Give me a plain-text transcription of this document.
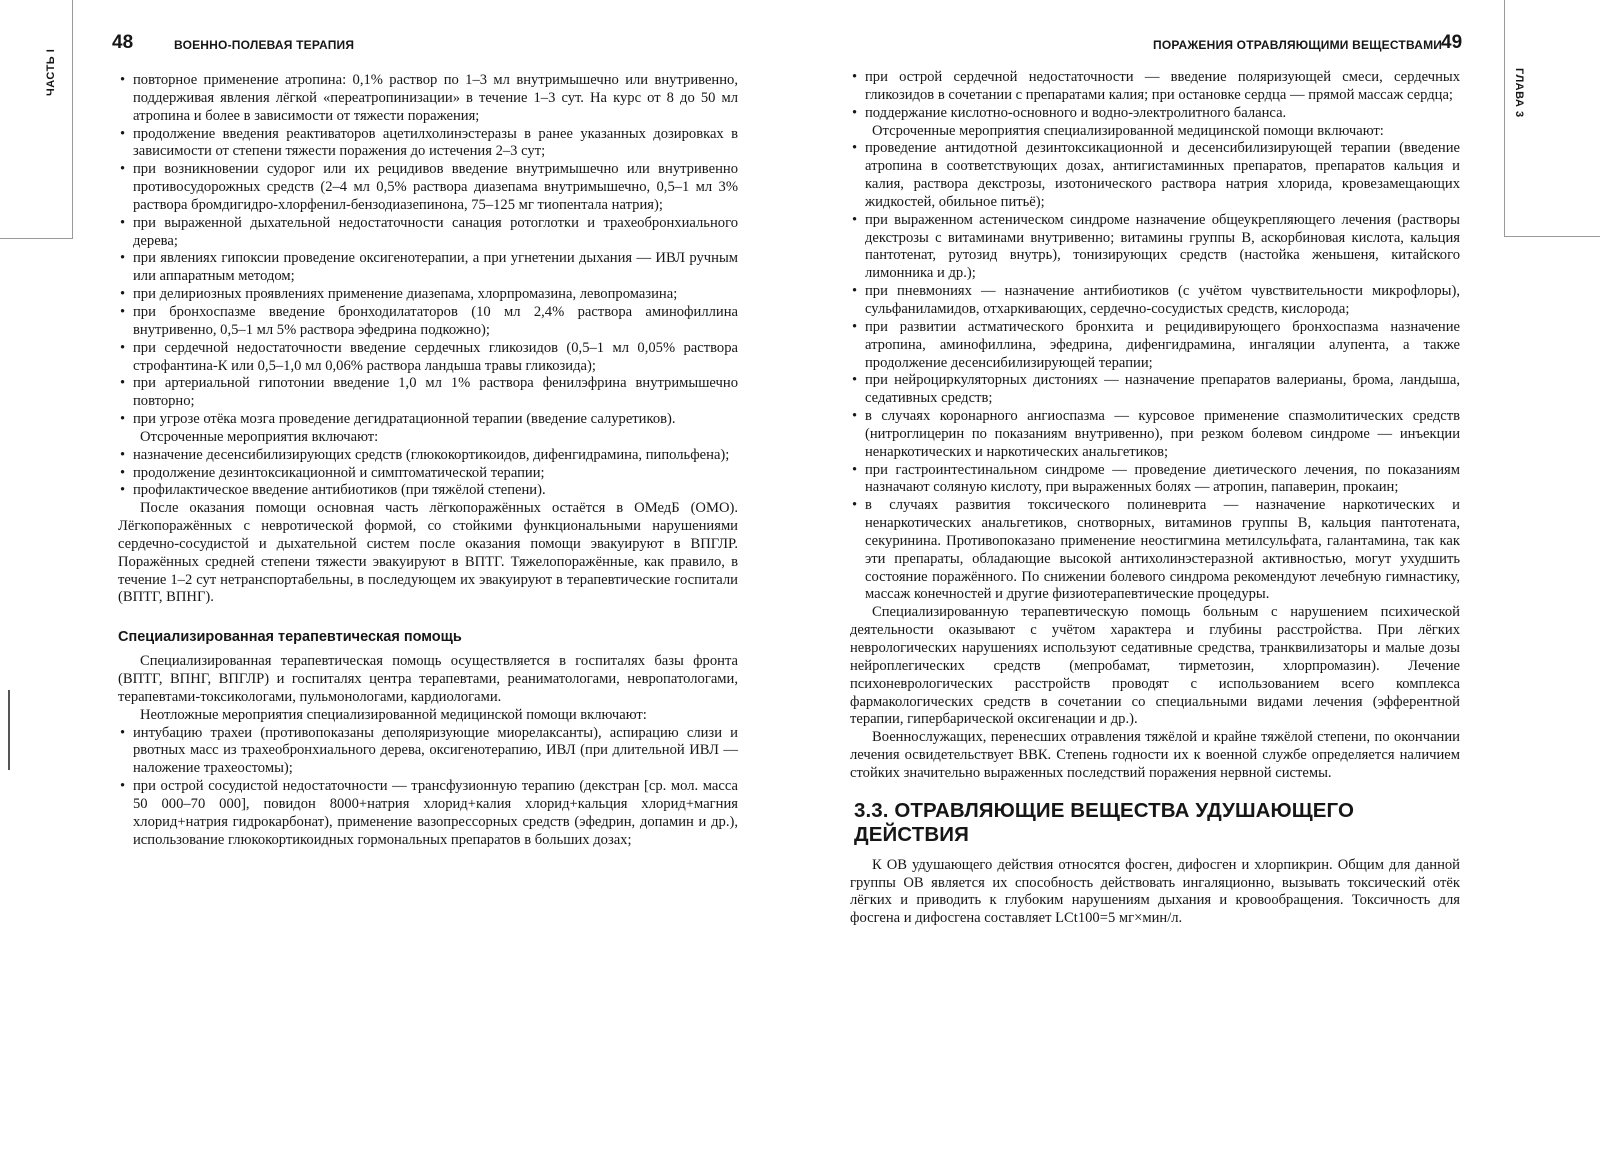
48	ВОЕННО-ПОЛЕВАЯ ТЕРАПИЯ
ЧАСТЬ I
•	повторное применение атропина: 0,1% раствор по 1–3 мл внутримышечно или внутривенно, поддерживая явления лёгкой «переатропинизации» в течение 1–3 сут. На курс от 8 до 50 мл атропина и более в зависимости от тяжести поражения;
• продолжение введения реактиваторов ацетилхолинэстеразы в ранее указанных дозировках в зависимости от степени тяжести поражения до истечения 2–3 сут;
• при возникновении судорог или их рецидивов введение внутримышечно или внутривенно противосудорожных средств (2–4 мл 0,5% раствора диазепама внутримышечно, 0,5–1 мл 3% раствора бромдигидро-хлорфенил-бензодиазепинона, 75–125 мг тиопентала натрия);
• при выраженной дыхательной недостаточности санация ротоглотки и трахеобронхиального дерева;
• при явлениях гипоксии проведение оксигенотерапии, а при угнетении дыхания — ИВЛ ручным или аппаратным методом;
• при делириозных проявлениях применение диазепама, хлорпромазина, левопромазина;
• при бронхоспазме введение бронходилататоров (10 мл 2,4% раствора аминофиллина внутривенно, 0,5–1 мл 5% раствора эфедрина подкожно);
• при сердечной недостаточности введение сердечных гликозидов (0,5–1 мл 0,05% раствора строфантина-К или 0,5–1,0 мл 0,06% раствора ландыша травы гликозида);
• при артериальной гипотонии введение 1,0 мл 1% раствора фенилэфрина внутримышечно повторно;
• при угрозе отёка мозга проведение дегидратационной терапии (введение салуретиков).

Отсроченные мероприятия включают:

• назначение десенсибилизирующих средств (глюкокортикоидов, дифенгидрамина, пипольфена);
• продолжение дезинтоксикационной и симптоматической терапии;
• профилактическое введение антибиотиков (при тяжёлой степени).

После оказания помощи основная часть лёгкопоражённых остаётся в ОМедБ (ОМО). Лёгкопоражённых с невротической формой, со стойкими функциональными нарушениями сердечно-сосудистой и дыхательной систем после оказания помощи эвакуируют в ВПГЛР. Поражённых средней степени тяжести эвакуируют в ВПТГ. Тяжелопоражённые, как правило, в течение 1–2 сут нетранспортабельны, в последующем их эвакуируют в терапевтические госпитали (ВПТГ, ВПНГ).

Специализированная терапевтическая помощь

Специализированная терапевтическая помощь осуществляется в госпиталях базы фронта (ВПТГ, ВПНГ, ВПГЛР) и госпиталях центра терапевтами, реаниматологами, невропатологами, терапевтами-токсикологами, пульмонологами, кардиологами.

Неотложные мероприятия специализированной медицинской помощи включают:

• интубацию трахеи (противопоказаны деполяризующие миорелаксанты), аспирацию слизи и рвотных масс из трахеобронхиального дерева, оксигенотерапию, ИВЛ (при длительной ИВЛ — наложение трахеостомы);
• при острой сосудистой недостаточности — трансфузионную терапию (декстран [ср. мол. масса 50 000–70 000], повидон 8000+натрия хлорид+калия хлорид+кальция хлорид+магния хлорид+натрия гидрокарбонат), применение вазопрессорных средств (эфедрин, допамин и др.), использование глюкокортикоидных гормональных препаратов в больших дозах;
ПОРАЖЕНИЯ ОТРАВЛЯЮЩИМИ ВЕЩЕСТВАМИ
49
ГЛАВА 3
• при острой сердечной недостаточности — введение поляризующей смеси, сердечных гликозидов в сочетании с препаратами калия; при остановке сердца — прямой массаж сердца;
• поддержание кислотно-основного и водно-электролитного баланса.

Отсроченные мероприятия специализированной медицинской помощи включают:

• проведение антидотной дезинтоксикационной и десенсибилизирующей терапии (введение атропина в соответствующих дозах, антигистаминных препаратов, препаратов кальция и калия, раствора декстрозы, изотонического раствора натрия хлорида, кровезамещающих жидкостей, обильное питьё);
• при выраженном астеническом синдроме назначение общеукрепляющего лечения (растворы декстрозы с витаминами внутривенно; витамины группы В, аскорбиновая кислота, кальция пантотенат, рутозид внутрь), тонизирующих средств (настойка женьшеня, китайского лимонника и др.);
• при пневмониях — назначение антибиотиков (с учётом чувствительности микрофлоры), сульфаниламидов, отхаркивающих, сердечно-сосудистых средств, кислорода;
• при развитии астматического бронхита и рецидивирующего бронхоспазма назначение атропина, аминофиллина, эфедрина, дифенгидрамина, ингаляции алупента, а также продолжение десенсибилизирующей терапии;
• при нейроциркуляторных дистониях — назначение препаратов валерианы, брома, ландыша, седативных средств;
• в случаях коронарного ангиоспазма — курсовое применение спазмолитических средств (нитроглицерин по показаниям внутривенно), при резком болевом синдроме — инъекции ненаркотических и наркотических анальгетиков;
• при гастроинтестинальном синдроме — проведение диетического лечения, по показаниям назначают соляную кислоту, при выраженных болях — атропин, папаверин, прокаин;
• в случаях развития токсического полиневрита — назначение наркотических и ненаркотических анальгетиков, снотворных, витаминов группы В, кальция пантотената, секуринина. Противопоказано применение неостигмина метилсульфата, галантамина, так как эти препараты, обладающие высокой антихолинэстеразной активностью, могут ухудшить состояние поражённого. По снижении болевого синдрома рекомендуют лечебную гимнастику, массаж конечностей и другие физиотерапевтические процедуры.

Специализированную терапевтическую помощь больным с нарушением психической деятельности оказывают с учётом характера и глубины расстройства. При лёгких неврологических нарушениях используют седативные средства, транквилизаторы и малые дозы нейроплегических средств (мепробамат, тирметозин, хлорпромазин). Лечение психоневрологических расстройств проводят с использованием всего комплекса фармакологических средств в сочетании со специальными видами лечения (эфферентной терапии, гипербарической оксигенации и др.).

Военнослужащих, перенесших отравления тяжёлой и крайне тяжёлой степени, по окончании лечения освидетельствует ВВК. Степень годности их к военной службе определяется наличием стойких значительно выраженных последствий поражения нервной системы.

3.3. ОТРАВЛЯЮЩИЕ ВЕЩЕСТВА УДУШАЮЩЕГО ДЕЙСТВИЯ

К ОВ удушающего действия относятся фосген, дифосген и хлорпикрин. Общим для данной группы ОВ является их способность действовать ингаляционно, вызывать токсический отёк лёгких и приводить к глубоким нарушениям дыхания и кровообращения. Токсичность для фосгена и дифосгена составляет LCt100=5 мг×мин/л.
